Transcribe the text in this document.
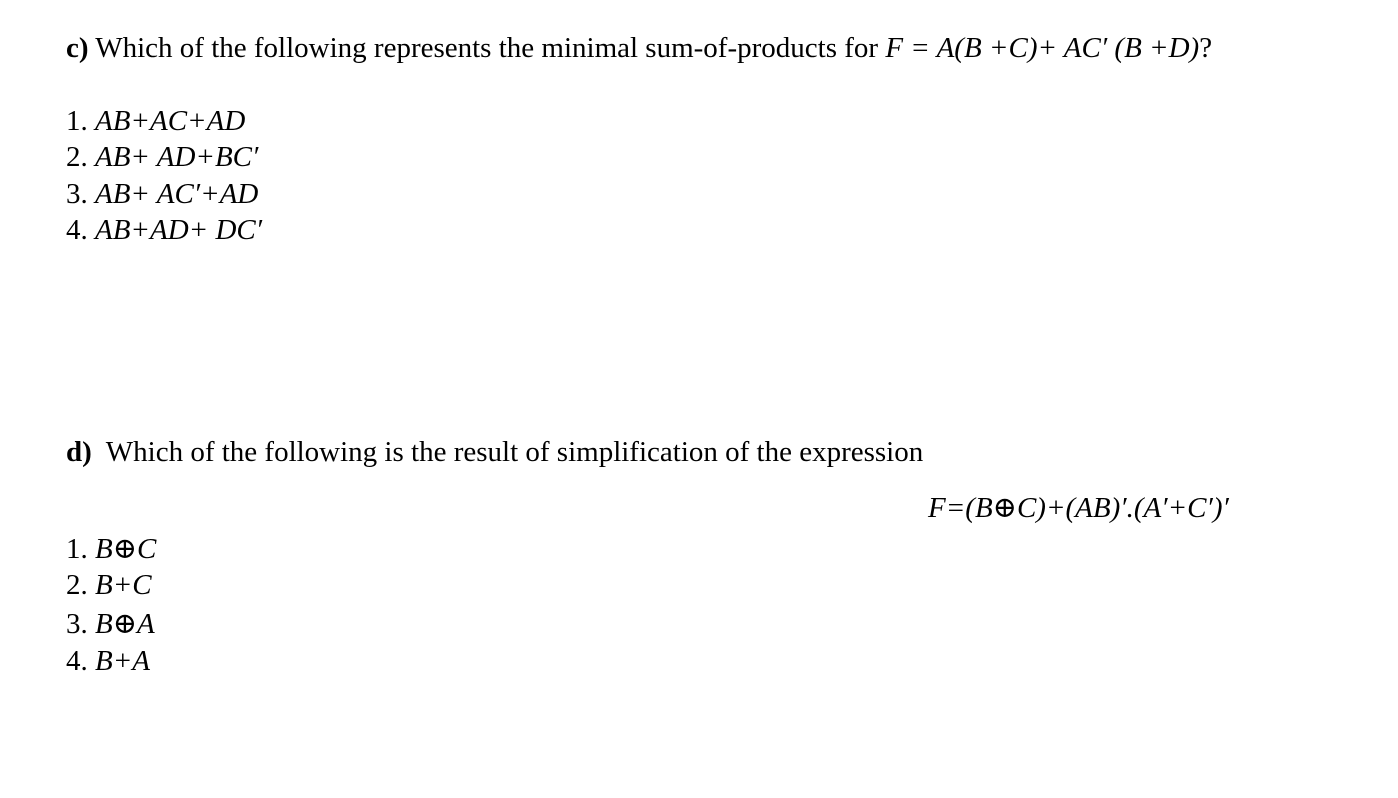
c) Which of the following represents the minimal sum-of-products for F = A(B +C)+ AC′ (B +D)?
1. AB+AC+AD
2. AB+ AD+BC′
3. AB+ AC′+AD
4. AB+AD+ DC′
d)  Which of the following is the result of simplification of the expression
F=(B⊕C)+(AB)′.(A′+C′)′
1. B⊕C
2. B+C
3. B⊕A
4. B+A
